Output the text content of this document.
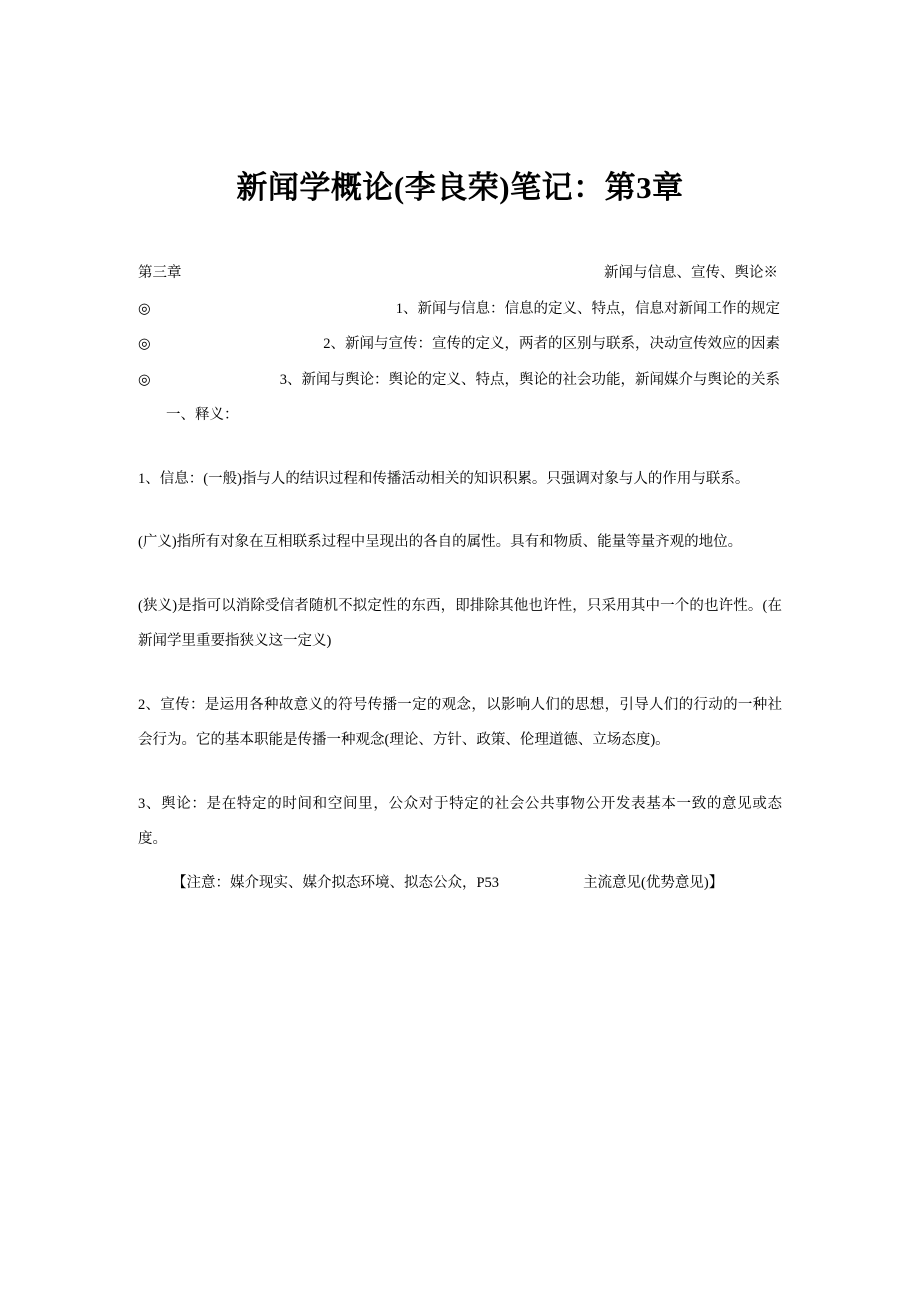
新闻学概论(李良荣)笔记：第3章
第三章	新闻与信息、宣传、舆论※
◎	1、新闻与信息：信息的定义、特点，信息对新闻工作的规定
◎	2、新闻与宣传：宣传的定义，两者的区别与联系，决动宣传效应的因素
◎	3、新闻与舆论：舆论的定义、特点，舆论的社会功能，新闻媒介与舆论的关系
一、释义：

1、信息：(一般)指与人的结识过程和传播活动相关的知识积累。只强调对象与人的作用与联系。

(广义)指所有对象在互相联系过程中呈现出的各自的属性。具有和物质、能量等量齐观的地位。

(狭义)是指可以消除受信者随机不拟定性的东西，即排除其他也许性，只采用其中一个的也许性。(在新闻学里重要指狭义这一定义)

2、宣传：是运用各种故意义的符号传播一定的观念，以影响人们的思想，引导人们的行动的一种社会行为。它的基本职能是传播一种观念(理论、方针、政策、伦理道德、立场态度)。

3、舆论：是在特定的时间和空间里，公众对于特定的社会公共事物公开发表基本一致的意见或态度。

【注意：媒介现实、媒介拟态环境、拟态公众，P53	主流意见(优势意见)】
